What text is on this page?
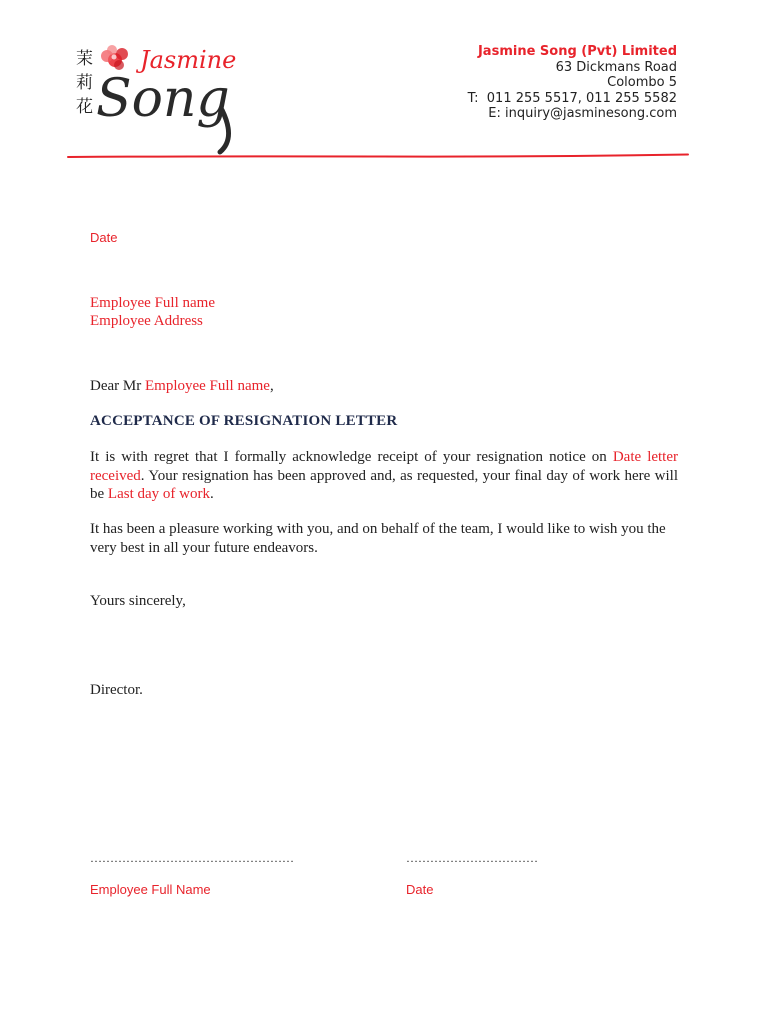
茉
莉
花
Jasmine
Song
Jasmine Song (Pvt) Limited
63 Dickmans Road
Colombo 5
T:  011 255 5517, 011 255 5582
E: inquiry@jasminesong.com
Date
Employee Full name
Employee Address
Dear Mr Employee Full name,
ACCEPTANCE OF RESIGNATION LETTER
It is with regret that I formally acknowledge receipt of your resignation notice on Date letter received. Your resignation has been approved and, as requested, your final day of work here will be Last day of work.
It has been a pleasure working with you, and on behalf of the team, I would like to wish you the very best in all your future endeavors.
Yours sincerely,
Director.
……………………………………………	……………………………
Employee Full Name	Date
